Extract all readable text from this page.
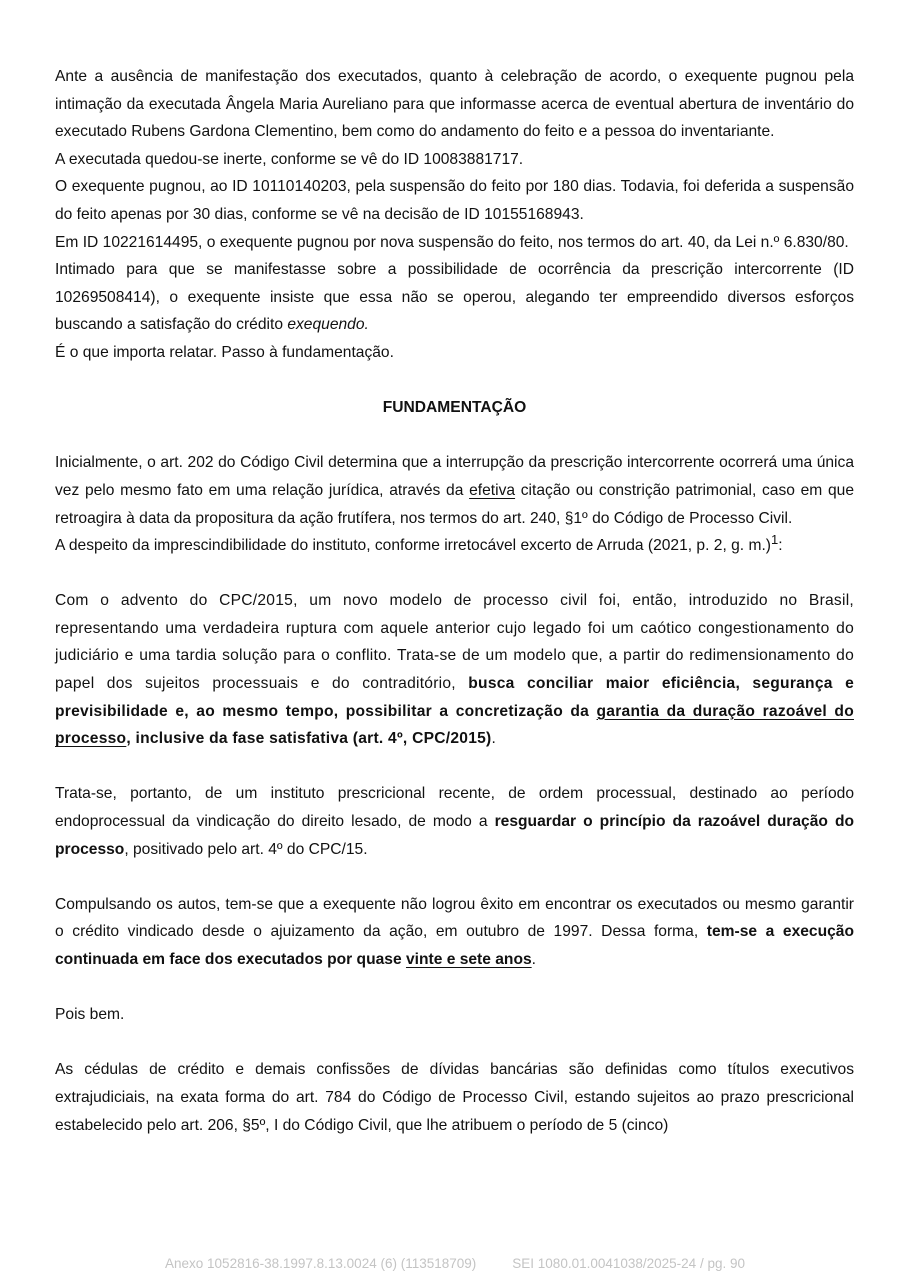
Ante a ausência de manifestação dos executados, quanto à celebração de acordo, o exequente pugnou pela intimação da executada Ângela Maria Aureliano para que informasse acerca de eventual abertura de inventário do executado Rubens Gardona Clementino, bem como do andamento do feito e a pessoa do inventariante.

A executada quedou-se inerte, conforme se vê do ID 10083881717.

O exequente pugnou, ao ID 10110140203, pela suspensão do feito por 180 dias. Todavia, foi deferida a suspensão do feito apenas por 30 dias, conforme se vê na decisão de ID 10155168943.

Em ID 10221614495, o exequente pugnou por nova suspensão do feito, nos termos do art. 40, da Lei n.º 6.830/80.

Intimado para que se manifestasse sobre a possibilidade de ocorrência da prescrição intercorrente (ID 10269508414), o exequente insiste que essa não se operou, alegando ter empreendido diversos esforços buscando a satisfação do crédito exequendo.

É o que importa relatar. Passo à fundamentação.

FUNDAMENTAÇÃO

Inicialmente, o art. 202 do Código Civil determina que a interrupção da prescrição intercorrente ocorrerá uma única vez pelo mesmo fato em uma relação jurídica, através da efetiva citação ou constrição patrimonial, caso em que retroagira à data da propositura da ação frutífera, nos termos do art. 240, §1º do Código de Processo Civil.

A despeito da imprescindibilidade do instituto, conforme irretocável excerto de Arruda (2021, p. 2, g. m.)$^1$:

Com o advento do CPC/2015, um novo modelo de processo civil foi, então, introduzido no Brasil, representando uma verdadeira ruptura com aquele anterior cujo legado foi um caótico congestionamento do judiciário e uma tardia solução para o conflito. Trata-se de um modelo que, a partir do redimensionamento do papel dos sujeitos processuais e do contraditório, busca conciliar maior eficiência, segurança e previsibilidade e, ao mesmo tempo, possibilitar a concretização da garantia da duração razoável do processo, inclusive da fase satisfativa (art. 4º, CPC/2015).

Trata-se, portanto, de um instituto prescricional recente, de ordem processual, destinado ao período endoprocessual da vindicação do direito lesado, de modo a resguardar o princípio da razoável duração do processo, positivado pelo art. 4º do CPC/15.

Compulsando os autos, tem-se que a exequente não logrou êxito em encontrar os executados ou mesmo garantir o crédito vindicado desde o ajuizamento da ação, em outubro de 1997. Dessa forma, tem-se a execução continuada em face dos executados por quase vinte e sete anos.

Pois bem.

As cédulas de crédito e demais confissões de dívidas bancárias são definidas como títulos executivos extrajudiciais, na exata forma do art. 784 do Código de Processo Civil, estando sujeitos ao prazo prescricional estabelecido pelo art. 206, §5º, I do Código Civil, que lhe atribuem o período de 5 (cinco)

Anexo 1052816-38.1997.8.13.0024 (6) (113518709)	SEI 1080.01.0041038/2025-24 / pg. 90
